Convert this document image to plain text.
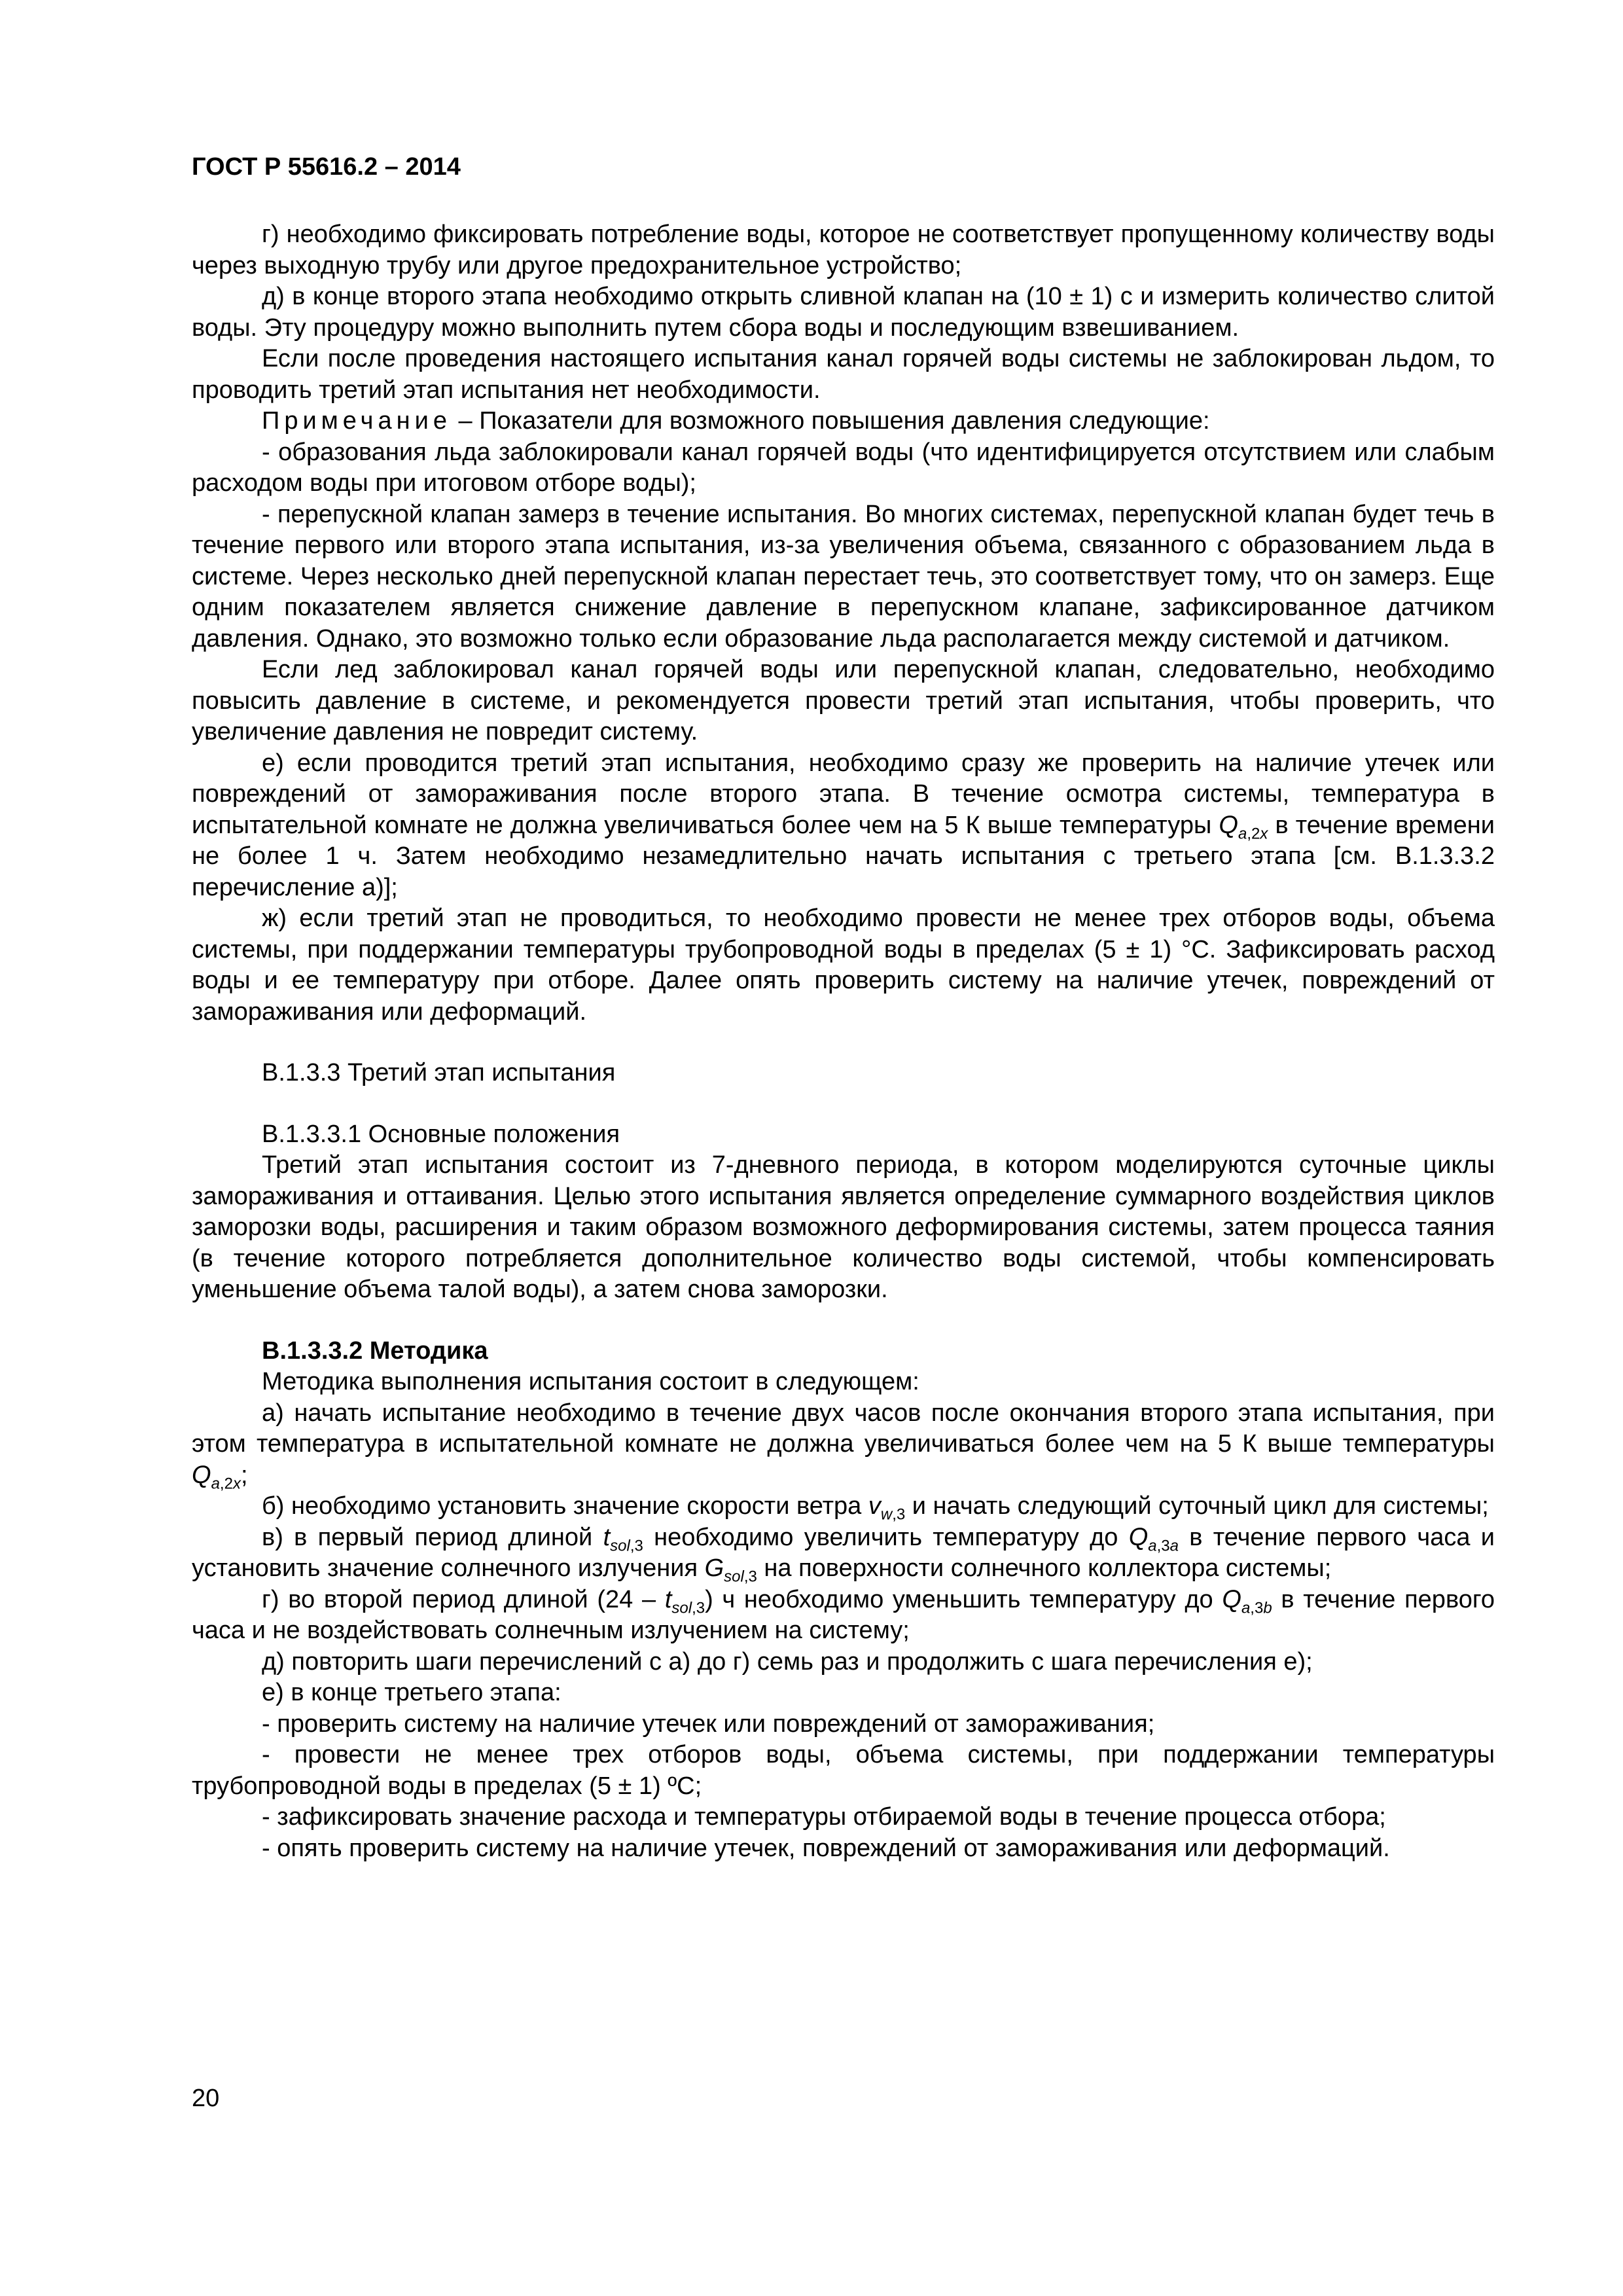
ГОСТ Р 55616.2 – 2014
г) необходимо фиксировать потребление воды, которое не соответствует пропущенному количеству воды через выходную трубу или другое предохранительное устройство;
д) в конце второго этапа необходимо открыть сливной клапан на (10 ± 1) с и измерить количество слитой воды. Эту процедуру можно выполнить путем сбора воды и последующим взвешиванием.
Если после проведения настоящего испытания канал горячей воды системы не заблокирован льдом, то проводить третий этап испытания нет необходимости.
Примечание – Показатели для возможного повышения давления следующие:
- образования льда заблокировали канал горячей воды (что идентифицируется отсутствием или слабым расходом воды при итоговом отборе воды);
- перепускной клапан замерз в течение испытания. Во многих системах, перепускной клапан будет течь в течение первого или второго этапа испытания, из-за увеличения объема, связанного с образованием льда в системе. Через несколько дней перепускной клапан перестает течь, это соответствует тому, что он замерз. Еще одним показателем является снижение давление в перепускном клапане, зафиксированное датчиком давления. Однако, это возможно только если образование льда располагается между системой и датчиком.
Если лед заблокировал канал горячей воды или перепускной клапан, следовательно, необходимо повысить давление в системе, и рекомендуется провести третий этап испытания, чтобы проверить, что увеличение давления не повредит систему.
е) если проводится третий этап испытания, необходимо сразу же проверить на наличие утечек или повреждений от замораживания после второго этапа. В течение осмотра системы, температура в испытательной комнате не должна увеличиваться более чем на 5 К выше температуры $Q_{a,2x}$ в течение времени не более 1 ч. Затем необходимо незамедлительно начать испытания с третьего этапа [см. В.1.3.3.2 перечисление а)];
ж) если третий этап не проводиться, то необходимо провести не менее трех отборов воды, объема системы, при поддержании температуры трубопроводной воды в пределах (5 ± 1) °С. Зафиксировать расход воды и ее температуру при отборе. Далее опять проверить систему на наличие утечек, повреждений от замораживания или деформаций.
В.1.3.3 Третий этап испытания
В.1.3.3.1 Основные положения
Третий этап испытания состоит из 7-дневного периода, в котором моделируются суточные циклы замораживания и оттаивания. Целью этого испытания является определение суммарного воздействия циклов заморозки воды, расширения и таким образом возможного деформирования системы, затем процесса таяния (в течение которого потребляется дополнительное количество воды системой, чтобы компенсировать уменьшение объема талой воды), а затем снова заморозки.
В.1.3.3.2 Методика
Методика выполнения испытания состоит в следующем:
а) начать испытание необходимо в течение двух часов после окончания второго этапа испытания, при этом температура в испытательной комнате не должна увеличиваться более чем на 5 К выше температуры $Q_{a,2x}$;
б) необходимо установить значение скорости ветра $v_{w,3}$ и начать следующий суточный цикл для системы;
в) в первый период длиной $t_{sol,3}$ необходимо увеличить температуру до $Q_{a,3a}$ в течение первого часа и установить значение солнечного излучения $G_{sol,3}$ на поверхности солнечного коллектора системы;
г) во второй период длиной $(24 - t_{sol,3})$ ч необходимо уменьшить температуру до $Q_{a,3b}$ в течение первого часа и не воздействовать солнечным излучением на систему;
д) повторить шаги перечислений с а) до г) семь раз и продолжить с шага перечисления е);
е) в конце третьего этапа:
- проверить систему на наличие утечек или повреждений от замораживания;
- провести не менее трех отборов воды, объема системы, при поддержании температуры трубопроводной воды в пределах (5 ± 1) ºС;
- зафиксировать значение расхода и температуры отбираемой воды в течение процесса отбора;
- опять проверить систему на наличие утечек, повреждений от замораживания или деформаций.
20
